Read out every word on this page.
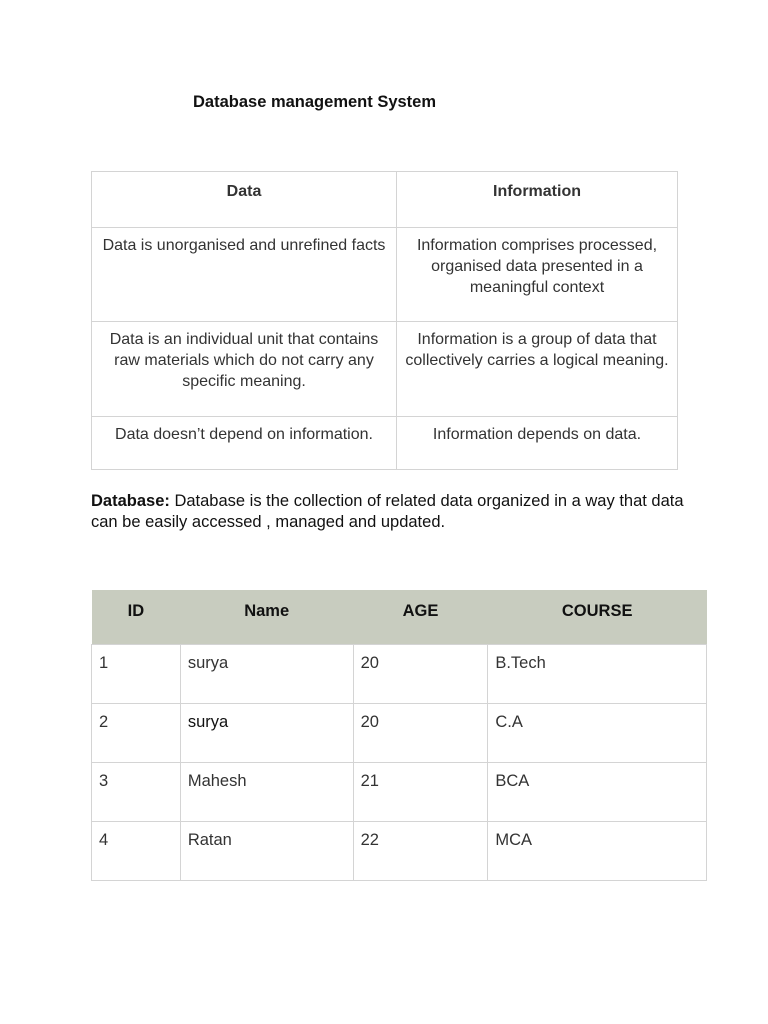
Database management System
Data	Information
Data is unorganised and unrefined facts	Information comprises processed, organised data presented in a meaningful context
Data is an individual unit that contains raw materials which do not carry any specific meaning.	Information is a group of data that collectively carries a logical meaning.
Data doesn’t depend on information.	Information depends on data.

Database: Database is the collection of related data organized in a way that data can be easily accessed , managed and updated.

ID	Name	AGE	COURSE
1	surya	20	B.Tech
2	surya	20	C.A
3	Mahesh	21	BCA
4	Ratan	22	MCA
